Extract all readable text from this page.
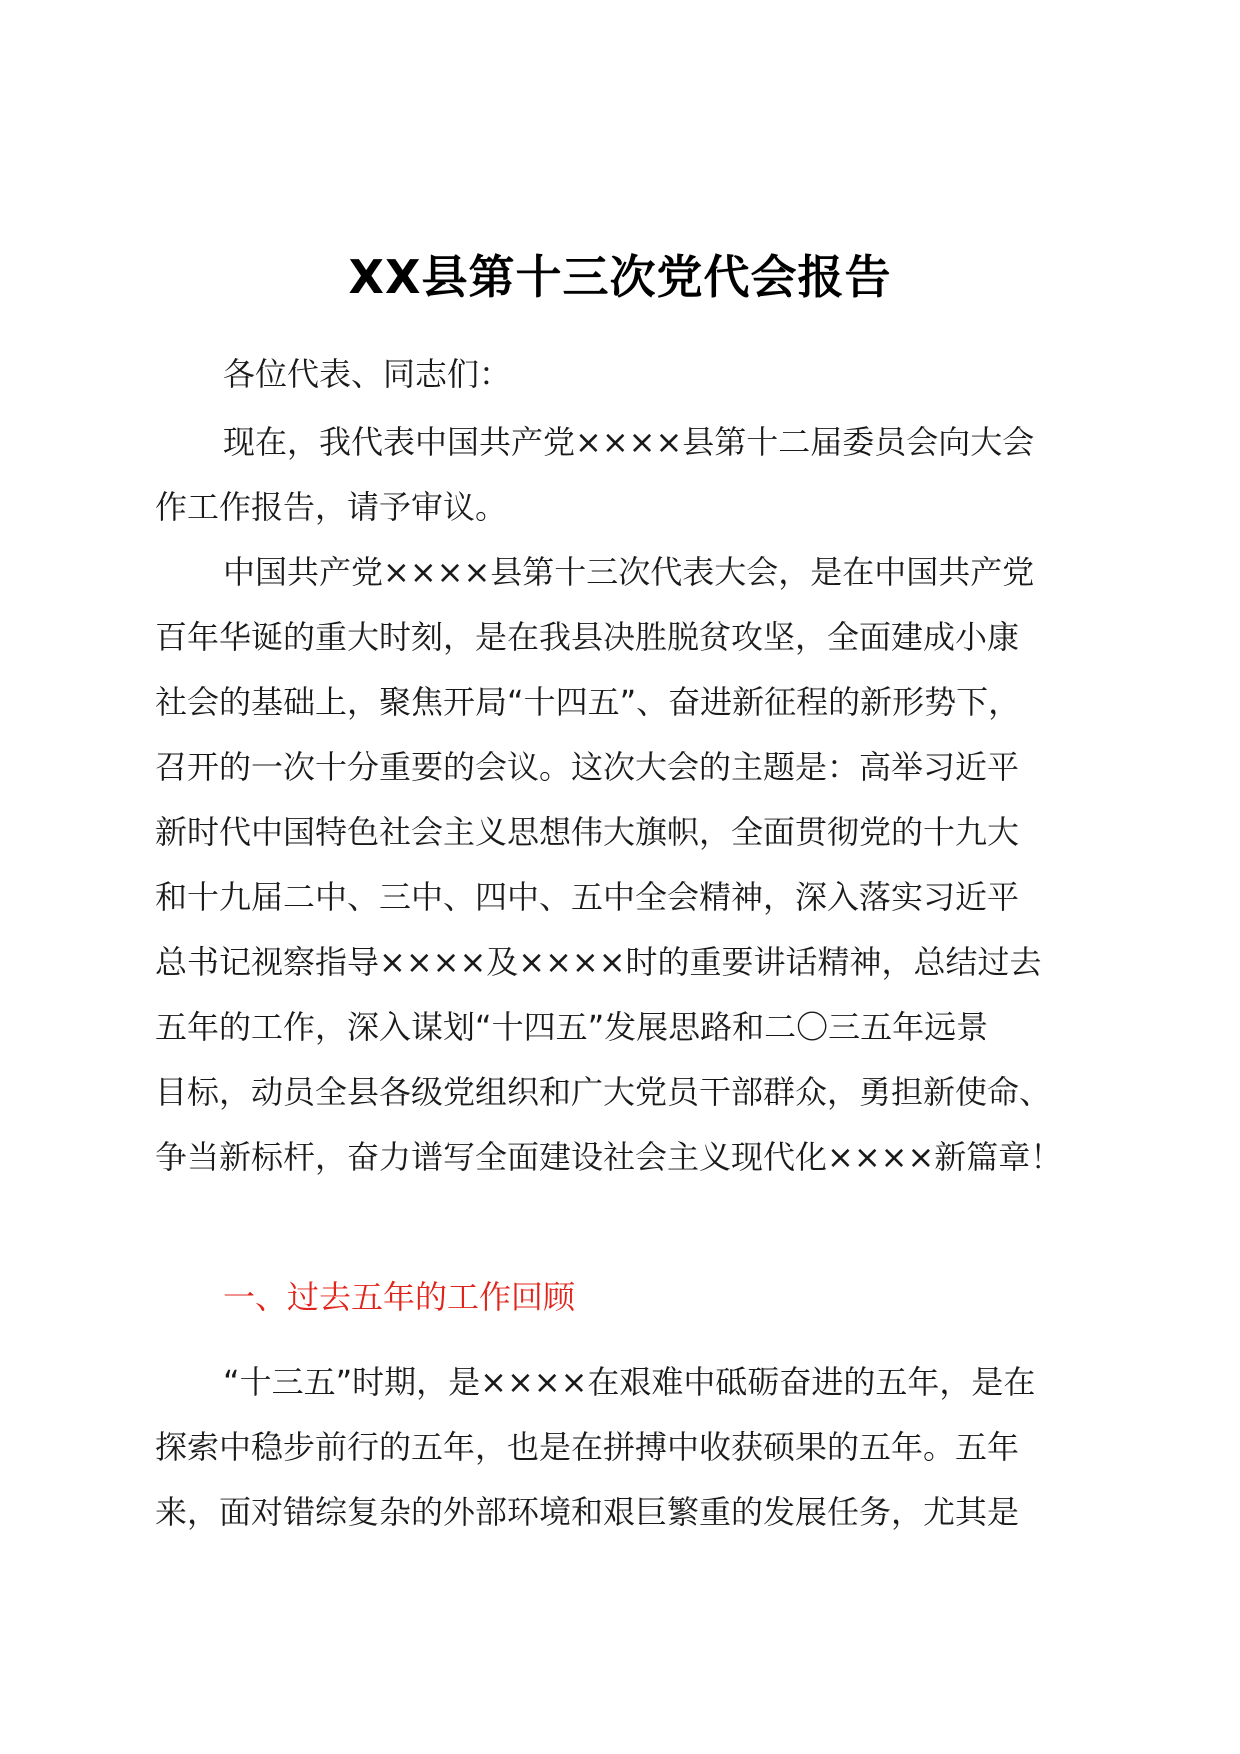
XX县第十三次党代会报告
各位代表、同志们：
现在，我代表中国共产党××××县第十二届委员会向大会
作工作报告，请予审议。
中国共产党××××县第十三次代表大会，是在中国共产党
百年华诞的重大时刻，是在我县决胜脱贫攻坚，全面建成小康
社会的基础上，聚焦开局“十四五”、奋进新征程的新形势下，
召开的一次十分重要的会议。这次大会的主题是：高举习近平
新时代中国特色社会主义思想伟大旗帜，全面贯彻党的十九大
和十九届二中、三中、四中、五中全会精神，深入落实习近平
总书记视察指导××××及××××时的重要讲话精神，总结过去
五年的工作，深入谋划“十四五”发展思路和二〇三五年远景
目标，动员全县各级党组织和广大党员干部群众，勇担新使命、
争当新标杆，奋力谱写全面建设社会主义现代化××××新篇章！
一、过去五年的工作回顾
“十三五”时期，是××××在艰难中砥砺奋进的五年，是在
探索中稳步前行的五年，也是在拼搏中收获硕果的五年。五年
来，面对错综复杂的外部环境和艰巨繁重的发展任务，尤其是
